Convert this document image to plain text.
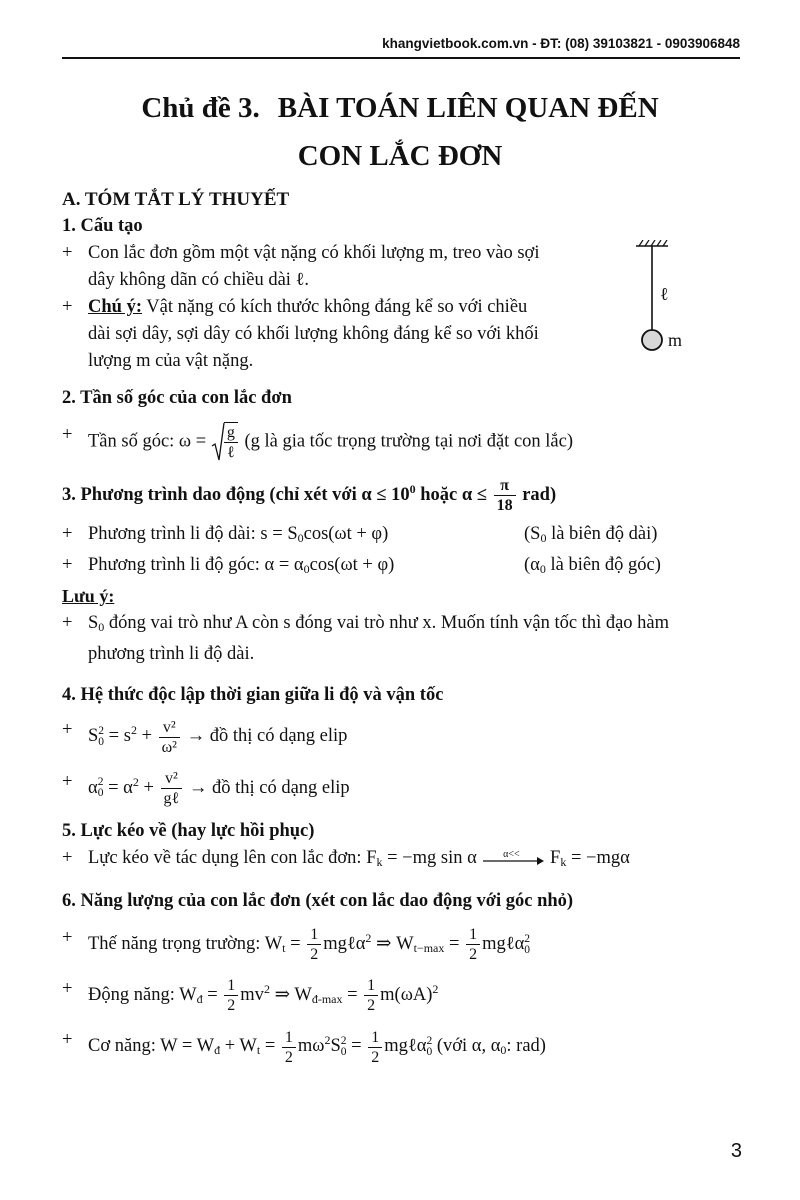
khangvietbook.com.vn - ĐT: (08) 39103821 - 0903906848
Chủ đề 3. BÀI TOÁN LIÊN QUAN ĐẾN
CON LẮC ĐƠN
ℓ
m
A. TÓM TẮT LÝ THUYẾT
1. Cấu tạo
+ Con lắc đơn gồm một vật nặng có khối lượng m, treo vào sợi
dây không dãn có chiều dài ℓ.
+ Chú ý: Vật nặng có kích thước không đáng kể so với chiều
dài sợi dây, sợi dây có khối lượng không đáng kể so với khối
lượng m của vật nặng.
2. Tần số góc của con lắc đơn
+ Tần số góc: $\omega = \frac{g}{\text{ℓ}} (g$ là gia tốc trọng trường tại nơi đặt con lắc)
3. Phương trình dao động (chỉ xét với $\alpha \le 10^0$ hoặc $\alpha \le \frac{\pi}{18} rad$)
+ Phương trình li độ dài: $s = S_0\cos(\omega t + \varphi)$	($S_0$ là biên độ dài)
+ Phương trình li độ góc: $\alpha = \alpha_0\cos(\omega t + \varphi)$	($\alpha_0$ là biên độ góc)
Lưu ý:
+ $S_0$ đóng vai trò như A còn s đóng vai trò như x. Muốn tính vận tốc thì đạo hàm
phương trình li độ dài.
4. Hệ thức độc lập thời gian giữa li độ và vận tốc
+ S 2
$0 = s^2 + \frac{\text{v²}}{\text{ω²}}$ → đồ thị có dạng elip
+ α 2
$0 = \alpha^2 + \frac{\text{v²}}{\text{gℓ}}$ → đồ thị có dạng elip
5. Lực kéo về (hay lực hồi phục)
+ Lực kéo về tác dụng lên con lắc đơn: $F_k = -mg$ sin α	α<<	$F_k = -mg\alpha$
6. Năng lượng của con lắc đơn (xét con lắc dao động với góc nhỏ)
+ Thế năng trọng trường: $W_t = \frac{1}{2}$ mgℓα$^2$ ⇒ $W_{t-max} = \frac{1}{2}$ mgℓα 2
0
+ Động năng: $W_đ = \frac{1}{2} mv^2$ ⇒ $W_{đ-max} = \frac{1}{2} m(\omega A)^2$
+ Cơ năng: $W = W_đ + W_t = \frac{1}{2} m\omega^2S$ 2
$0 = \frac{1}{2}$ mgℓα 2
0 (với α, $\alpha_0$: rad)
3
